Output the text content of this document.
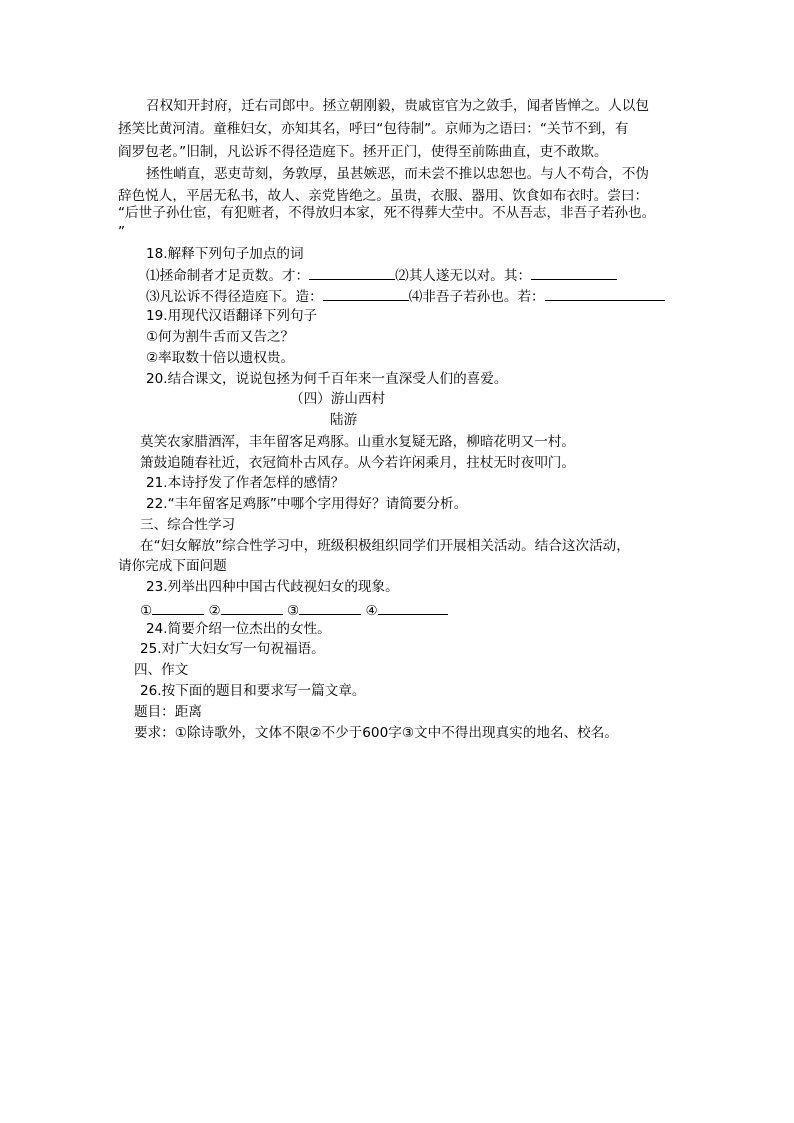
召权知开封府，迁右司郎中。拯立朝刚毅，贵戚宦官为之敛手，闻者皆惮之。人以包
拯笑比黄河清。童稚妇女，亦知其名，呼曰“包待制”。京师为之语曰：“关节不到，有
阎罗包老。”旧制，凡讼诉不得径造庭下。拯开正门，使得至前陈曲直，吏不敢欺。
拯性峭直，恶吏苛刻，务敦厚，虽甚嫉恶，而未尝不推以忠恕也。与人不苟合，不伪
辞色悦人，平居无私书，故人、亲党皆绝之。虽贵，衣服、器用、饮食如布衣时。尝曰：
“后世子孙仕宦，有犯赃者，不得放归本家，死不得葬大茔中。不从吾志，非吾子若孙也。
”
18.解释下列句子加点的词
⑴拯命制者才足贡数。才：	⑵其人遂无以对。其：
⑶凡讼诉不得径造庭下。造：	⑷非吾子若孙也。若：
19.用现代汉语翻译下列句子
①何为割牛舌而又告之？
②率取数十倍以遗权贵。
20.结合课文，说说包拯为何千百年来一直深受人们的喜爱。
（四）游山西村
陆游
莫笑农家腊酒浑，丰年留客足鸡豚。山重水复疑无路，柳暗花明又一村。
箫鼓追随春社近，衣冠简朴古风存。从今若许闲乘月，拄杖无时夜叩门。
21.本诗抒发了作者怎样的感情？
22.“丰年留客足鸡豚”中哪个字用得好？请简要分析。
三、综合性学习
在“妇女解放”综合性学习中，班级积极组织同学们开展相关活动。结合这次活动，
请你完成下面问题
23.列举出四种中国古代歧视妇女的现象。
①	②	③	④
24.简要介绍一位杰出的女性。
25.对广大妇女写一句祝福语。
四、作文
26.按下面的题目和要求写一篇文章。
题目：距离
要求：①除诗歌外，文体不限②不少于600字③文中不得出现真实的地名、校名。
